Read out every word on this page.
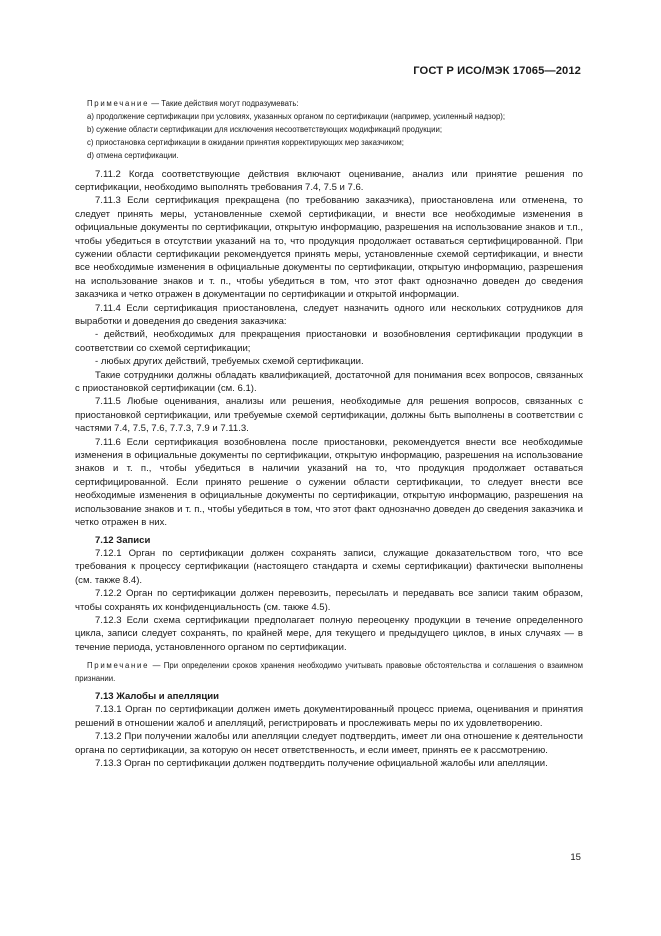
ГОСТ Р ИСО/МЭК 17065—2012

Примечание — Такие действия могут подразумевать:

a) продолжение сертификации при условиях, указанных органом по сертификации (например, усиленный надзор);

b) сужение области сертификации для исключения несоответствующих модификаций продукции;

c) приостановка сертификации в ожидании принятия корректирующих мер заказчиком;

d) отмена сертификации.

7.11.2 Когда соответствующие действия включают оценивание, анализ или принятие решения по сертификации, необходимо выполнять требования 7.4, 7.5 и 7.6.

7.11.3 Если сертификация прекращена (по требованию заказчика), приостановлена или отменена, то следует принять меры, установленные схемой сертификации, и внести все необходимые изменения в официальные документы по сертификации, открытую информацию, разрешения на использование знаков и т.п., чтобы убедиться в отсутствии указаний на то, что продукция продолжает оставаться сертифицированной. При сужении области сертификации рекомендуется принять меры, установленные схемой сертификации, и внести все необходимые изменения в официальные документы по сертификации, открытую информацию, разрешения на использование знаков и т. п., чтобы убедиться в том, что этот факт однозначно доведен до сведения заказчика и четко отражен в документации по сертификации и открытой информации.

7.11.4 Если сертификация приостановлена, следует назначить одного или нескольких сотрудников для выработки и доведения до сведения заказчика:

- действий, необходимых для прекращения приостановки и возобновления сертификации продукции в соответствии со схемой сертификации;

- любых других действий, требуемых схемой сертификации.

Такие сотрудники должны обладать квалификацией, достаточной для понимания всех вопросов, связанных с приостановкой сертификации (см. 6.1).

7.11.5 Любые оценивания, анализы или решения, необходимые для решения вопросов, связанных с приостановкой сертификации, или требуемые схемой сертификации, должны быть выполнены в соответствии с частями 7.4, 7.5, 7.6, 7.7.3, 7.9 и 7.11.3.

7.11.6 Если сертификация возобновлена после приостановки, рекомендуется внести все необходимые изменения в официальные документы по сертификации, открытую информацию, разрешения на использование знаков и т. п., чтобы убедиться в наличии указаний на то, что продукция продолжает оставаться сертифицированной. Если принято решение о сужении области сертификации, то следует внести все необходимые изменения в официальные документы по сертификации, открытую информацию, разрешения на использование знаков и т. п., чтобы убедиться в том, что этот факт однозначно доведен до сведения заказчика и четко отражен в них.

7.12 Записи

7.12.1 Орган по сертификации должен сохранять записи, служащие доказательством того, что все требования к процессу сертификации (настоящего стандарта и схемы сертификации) фактически выполнены (см. также 8.4).

7.12.2 Орган по сертификации должен перевозить, пересылать и передавать все записи таким образом, чтобы сохранять их конфиденциальность (см. также 4.5).

7.12.3 Если схема сертификации предполагает полную переоценку продукции в течение определенного цикла, записи следует сохранять, по крайней мере, для текущего и предыдущего циклов, в иных случаях — в течение периода, установленного органом по сертификации.

Примечание — При определении сроков хранения необходимо учитывать правовые обстоятельства и соглашения о взаимном признании.

7.13 Жалобы и апелляции

7.13.1 Орган по сертификации должен иметь документированный процесс приема, оценивания и принятия решений в отношении жалоб и апелляций, регистрировать и прослеживать меры по их удовлетворению.

7.13.2 При получении жалобы или апелляции следует подтвердить, имеет ли она отношение к деятельности органа по сертификации, за которую он несет ответственность, и если имеет, принять ее к рассмотрению.

7.13.3 Орган по сертификации должен подтвердить получение официальной жалобы или апелляции.

15
